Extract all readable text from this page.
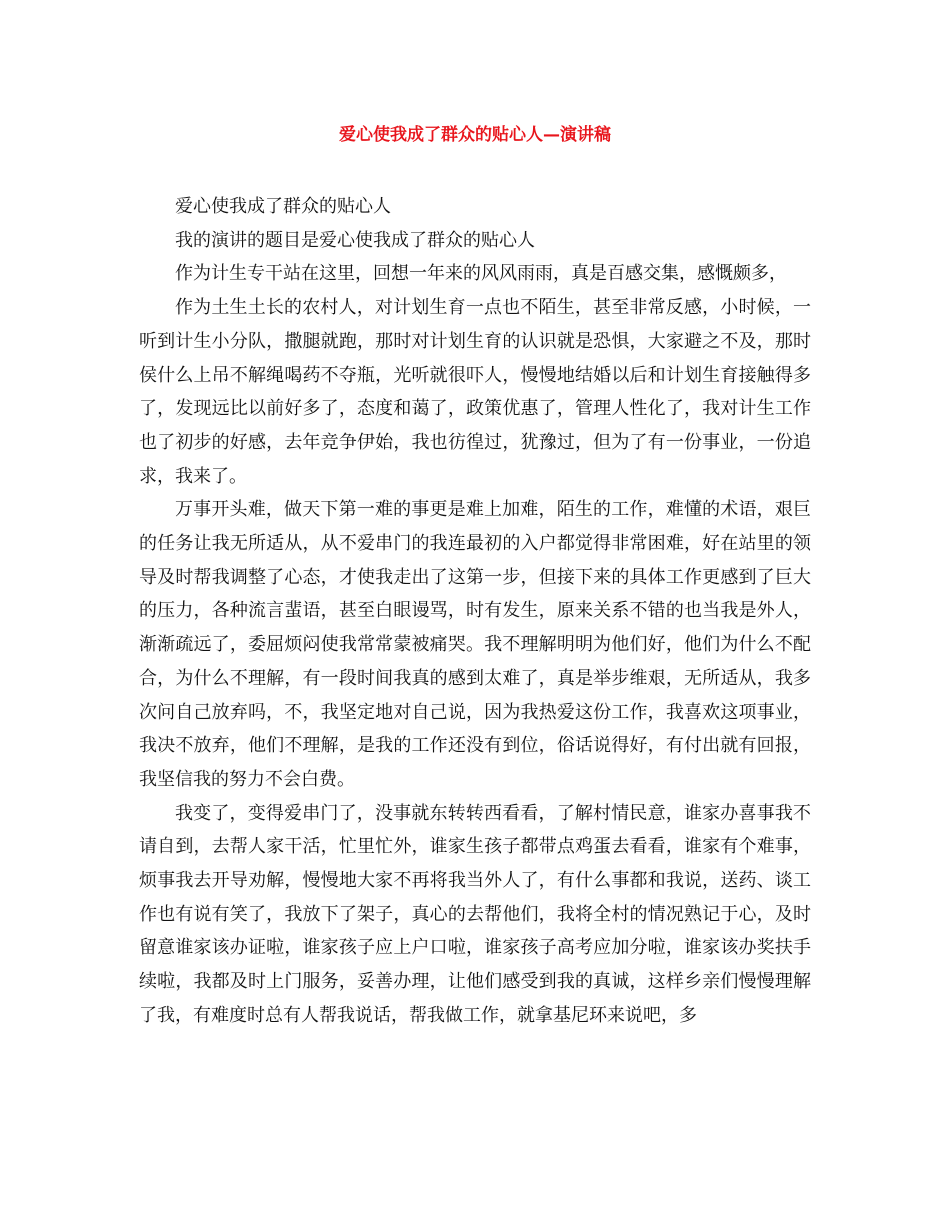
爱心使我成了群众的贴心人—演讲稿

爱心使我成了群众的贴心人

我的演讲的题目是爱心使我成了群众的贴心人

作为计生专干站在这里，回想一年来的风风雨雨，真是百感交集，感慨颇多，

作为土生土长的农村人，对计划生育一点也不陌生，甚至非常反感，小时候，一听到计生小分队，撒腿就跑，那时对计划生育的认识就是恐惧，大家避之不及，那时侯什么上吊不解绳喝药不夺瓶，光听就很吓人，慢慢地结婚以后和计划生育接触得多了，发现远比以前好多了，态度和蔼了，政策优惠了，管理人性化了，我对计生工作也了初步的好感，去年竞争伊始，我也彷徨过，犹豫过，但为了有一份事业，一份追求，我来了。

万事开头难，做天下第一难的事更是难上加难，陌生的工作，难懂的术语，艰巨的任务让我无所适从，从不爱串门的我连最初的入户都觉得非常困难，好在站里的领导及时帮我调整了心态，才使我走出了这第一步，但接下来的具体工作更感到了巨大的压力，各种流言蜚语，甚至白眼谩骂，时有发生，原来关系不错的也当我是外人，渐渐疏远了，委屈烦闷使我常常蒙被痛哭。我不理解明明为他们好，他们为什么不配合，为什么不理解，有一段时间我真的感到太难了，真是举步维艰，无所适从，我多次问自己放弃吗，不，我坚定地对自己说，因为我热爱这份工作，我喜欢这项事业，我决不放弃，他们不理解，是我的工作还没有到位，俗话说得好，有付出就有回报，我坚信我的努力不会白费。

我变了，变得爱串门了，没事就东转转西看看，了解村情民意，谁家办喜事我不请自到，去帮人家干活，忙里忙外，谁家生孩子都带点鸡蛋去看看，谁家有个难事，烦事我去开导劝解，慢慢地大家不再将我当外人了，有什么事都和我说，送药、谈工作也有说有笑了，我放下了架子，真心的去帮他们，我将全村的情况熟记于心，及时留意谁家该办证啦，谁家孩子应上户口啦，谁家孩子高考应加分啦，谁家该办奖扶手续啦，我都及时上门服务，妥善办理，让他们感受到我的真诚，这样乡亲们慢慢理解了我，有难度时总有人帮我说话，帮我做工作，就拿基尼环来说吧，多
